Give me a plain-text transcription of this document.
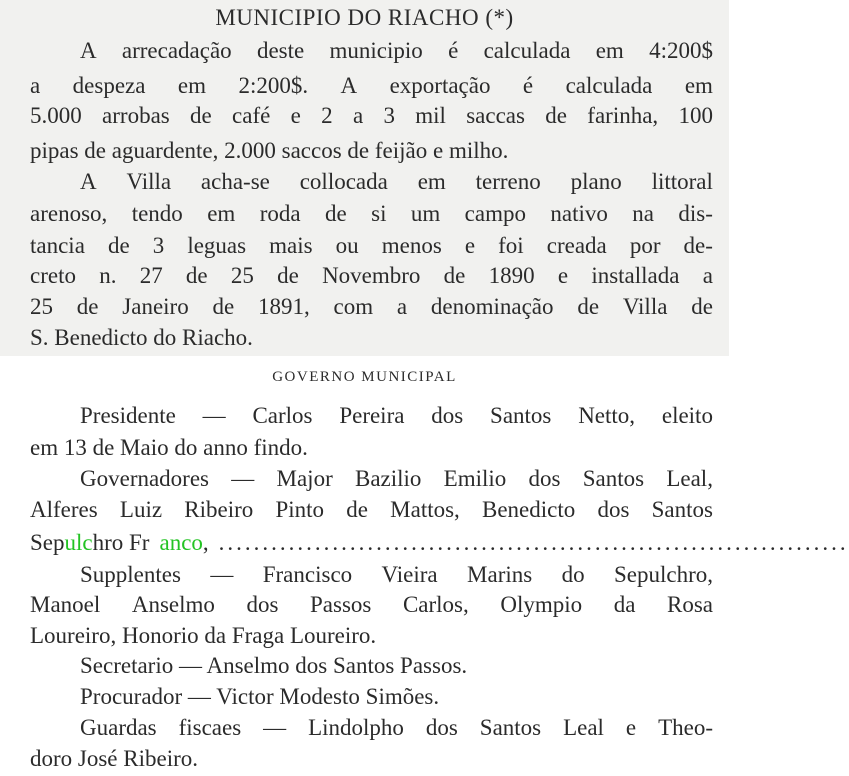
MUNICIPIO DO RIACHO (*)
A arrecadação deste municipio é calculada em 4:200$
a despeza em 2:200$. A exportação é calculada em
5.000 arrobas de café e 2 a 3 mil saccas de farinha, 100
pipas de aguardente, 2.000 saccos de feijão e milho.
A Villa acha-se collocada em terreno plano littoral
arenoso, tendo em roda de si um campo nativo na dis-
tancia de 3 leguas mais ou menos e foi creada por de-
creto n. 27 de 25 de Novembro de 1890 e installada a
25 de Janeiro de 1891, com a denominação de Villa de
S. Benedicto do Riacho.
GOVERNO MUNICIPAL
Presidente — Carlos Pereira dos Santos Netto, eleito
em 13 de Maio do anno findo.
Governadores — Major Bazilio Emilio dos Santos Leal,
Alferes Luiz Ribeiro Pinto de Mattos, Benedicto dos Santos
Sepulchro Fr anco, ........................................................................
Supplentes — Francisco Vieira Marins do Sepulchro,
Manoel Anselmo dos Passos Carlos, Olympio da Rosa
Loureiro, Honorio da Fraga Loureiro.
Secretario — Anselmo dos Santos Passos.
Procurador — Victor Modesto Simões.
Guardas fiscaes — Lindolpho dos Santos Leal e Theo-
doro José Ribeiro.
